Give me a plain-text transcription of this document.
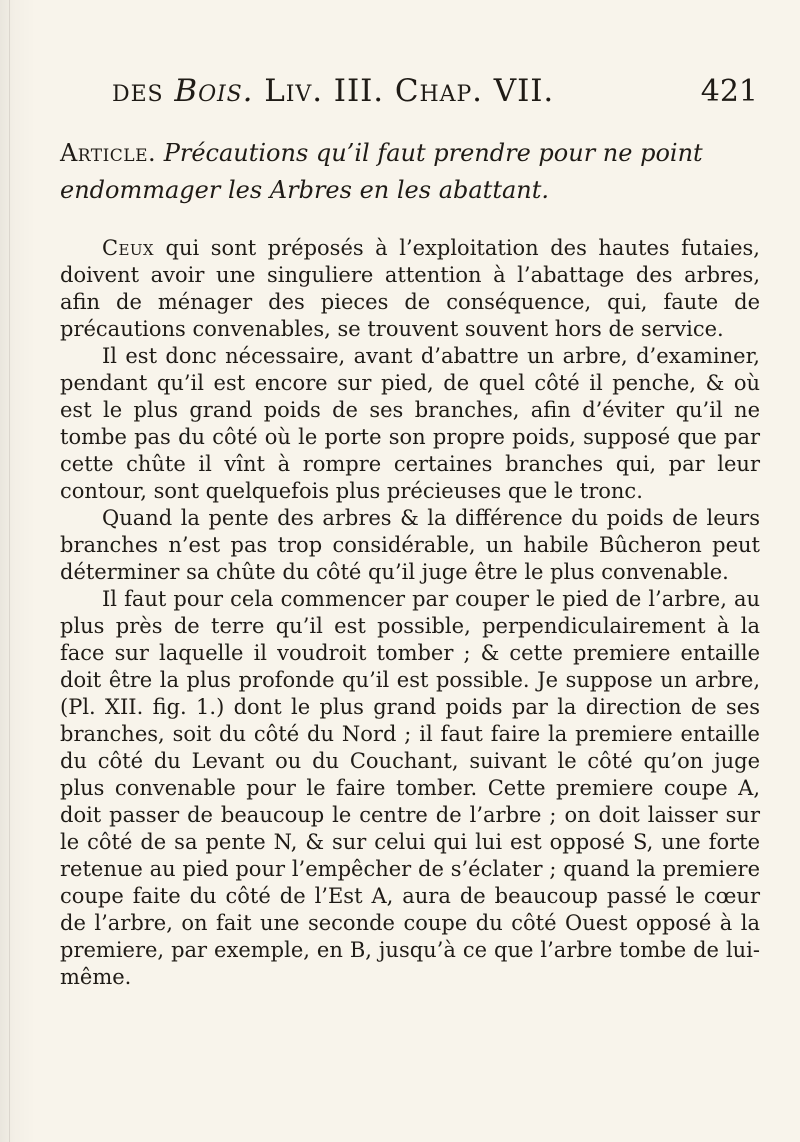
des Bois. Liv. III. Chap. VII.	421
Article. Précautions qu’il faut prendre pour ne point endommager les Arbres en les abattant.

Ceux qui sont préposés à l’exploitation des hautes futaies, doivent avoir une singuliere attention à l’abattage des arbres, afin de ménager des pieces de conséquence, qui, faute de précautions convenables, se trouvent souvent hors de service.

Il est donc nécessaire, avant d’abattre un arbre, d’examiner, pendant qu’il est encore sur pied, de quel côté il penche, & où est le plus grand poids de ses branches, afin d’éviter qu’il ne tombe pas du côté où le porte son propre poids, supposé que par cette chûte il vînt à rompre certaines branches qui, par leur contour, sont quelquefois plus précieuses que le tronc.

Quand la pente des arbres & la différence du poids de leurs branches n’est pas trop considérable, un habile Bûcheron peut déterminer sa chûte du côté qu’il juge être le plus convenable.

Il faut pour cela commencer par couper le pied de l’arbre, au plus près de terre qu’il est possible, perpendiculairement à la face sur laquelle il voudroit tomber ; & cette premiere entaille doit être la plus profonde qu’il est possible. Je suppose un arbre, (Pl. XII. fig. 1.) dont le plus grand poids par la direction de ses branches, soit du côté du Nord ; il faut faire la premiere entaille du côté du Levant ou du Couchant, suivant le côté qu’on juge plus convenable pour le faire tomber. Cette premiere coupe A, doit passer de beaucoup le centre de l’arbre ; on doit laisser sur le côté de sa pente N, & sur celui qui lui est opposé S, une forte retenue au pied pour l’empêcher de s’éclater ; quand la premiere coupe faite du côté de l’Est A, aura de beaucoup passé le cœur de l’arbre, on fait une seconde coupe du côté Ouest opposé à la premiere, par exemple, en B, jusqu’à ce que l’arbre tombe de lui-même.
